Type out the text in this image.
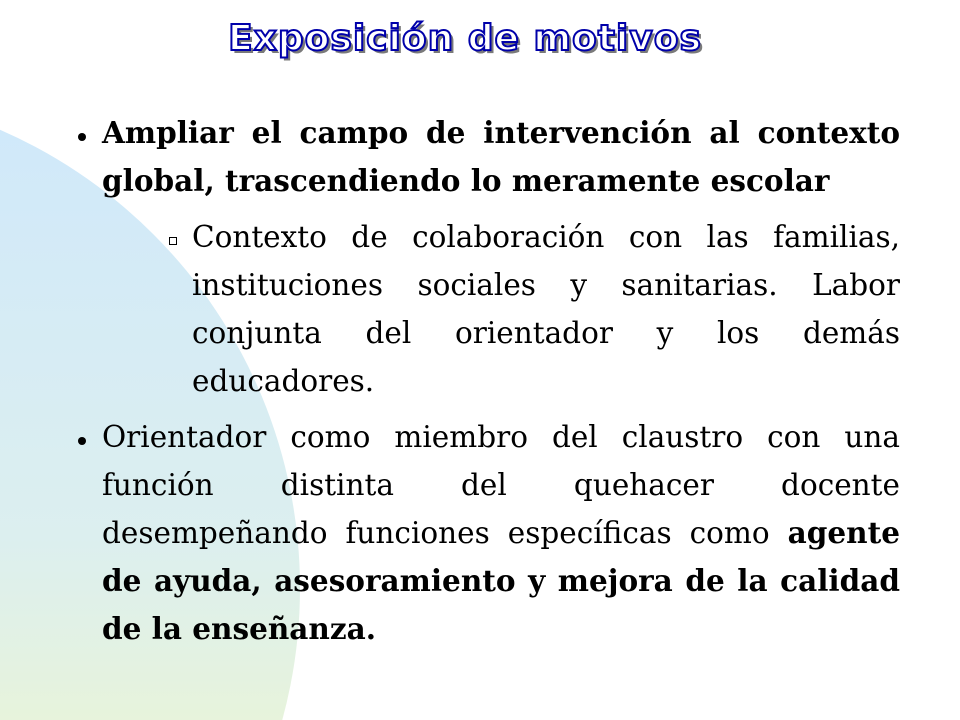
Exposición de motivos
Ampliar el campo de intervención al contexto global, trascendiendo lo meramente escolar
Contexto de colaboración con las familias, instituciones sociales y sanitarias. Labor conjunta del orientador y los demás educadores.
Orientador como miembro del claustro con una función distinta del quehacer docente desempeñando funciones específicas como agente de ayuda, asesoramiento y mejora de la calidad de la enseñanza.
